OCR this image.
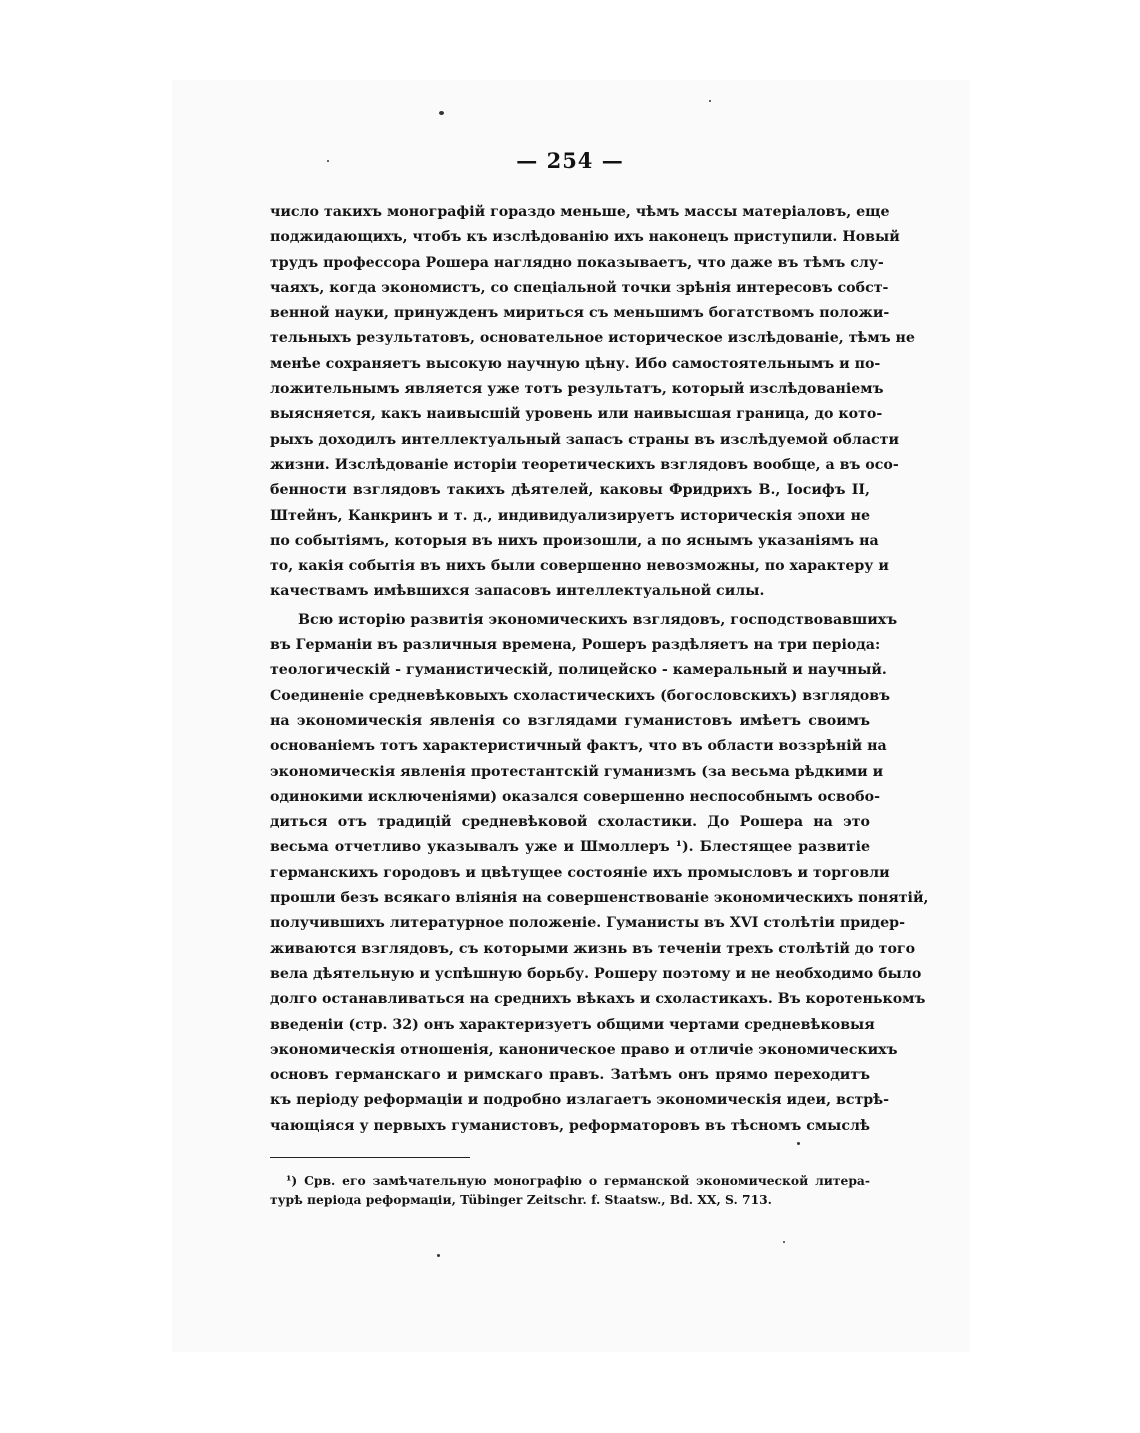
— 254 —

число такихъ монографій гораздо меньше, чѣмъ массы матеріаловъ, еще
поджидающихъ, чтобъ къ изслѣдованію ихъ наконецъ приступили. Новый
трудъ профессора Рошера наглядно показываетъ, что даже въ тѣмъ слу-
чаяхъ, когда экономистъ, со спеціальной точки зрѣнія интересовъ собст-
венной науки, принужденъ мириться съ меньшимъ богатствомъ положи-
тельныхъ результатовъ, основательное историческое изслѣдованіе, тѣмъ не
менѣе сохраняетъ высокую научную цѣну. Ибо самостоятельнымъ и по-
ложительнымъ является уже тотъ результатъ, который изслѣдованіемъ
выясняется, какъ наивысшій уровень или наивысшая граница, до кото-
рыхъ доходилъ интеллектуальный запасъ страны въ изслѣдуемой области
жизни. Изслѣдованіе исторіи теоретическихъ взглядовъ вообще, а въ осо-
бенности взглядовъ такихъ дѣятелей, каковы Фридрихъ В., Іосифъ II,
Штейнъ, Канкринъ и т. д., индивидуализируетъ историческія эпохи не
по событіямъ, которыя въ нихъ произошли, а по яснымъ указаніямъ на
то, какія событія въ нихъ были совершенно невозможны, по характеру и
качествамъ имѣвшихся запасовъ интеллектуальной силы.

Всю исторію развитія экономическихъ взглядовъ, господствовавшихъ
въ Германіи въ различныя времена, Рошеръ раздѣляетъ на три періода:
теологическій - гуманистическій, полицейско - камеральный и научный.
Соединеніе средневѣковыхъ схоластическихъ (богословскихъ) взглядовъ
на экономическія явленія со взглядами гуманистовъ имѣетъ своимъ
основаніемъ тотъ характеристичный фактъ, что въ области воззрѣній на
экономическія явленія протестантскій гуманизмъ (за весьма рѣдкими и
одинокими исключеніями) оказался совершенно неспособнымъ освобо-
диться отъ традицій средневѣковой схоластики. До Рошера на это
весьма отчетливо указывалъ уже и Шмоллеръ ¹). Блестящее развитіе
германскихъ городовъ и цвѣтущее состояніе ихъ промысловъ и торговли
прошли безъ всякаго вліянія на совершенствованіе экономическихъ понятій,
получившихъ литературное положеніе. Гуманисты въ XVI столѣтіи придер-
живаются взглядовъ, съ которыми жизнь въ теченіи трехъ столѣтій до того
вела дѣятельную и успѣшную борьбу. Рошеру поэтому и не необходимо было
долго останавливаться на среднихъ вѣкахъ и схоластикахъ. Въ коротенькомъ
введеніи (стр. 32) онъ характеризуетъ общими чертами средневѣковыя
экономическія отношенія, каноническое право и отличіе экономическихъ
основъ германскаго и римскаго правъ. Затѣмъ онъ прямо переходитъ
къ періоду реформаціи и подробно излагаетъ экономическія идеи, встрѣ-
чающіяся у первыхъ гуманистовъ, реформаторовъ въ тѣсномъ смыслѣ

¹) Срв. его замѣчательную монографію о германской экономической литера-
турѣ періода реформаціи, Tübinger Zeitschr. f. Staatsw., Bd. XX, S. 713.
